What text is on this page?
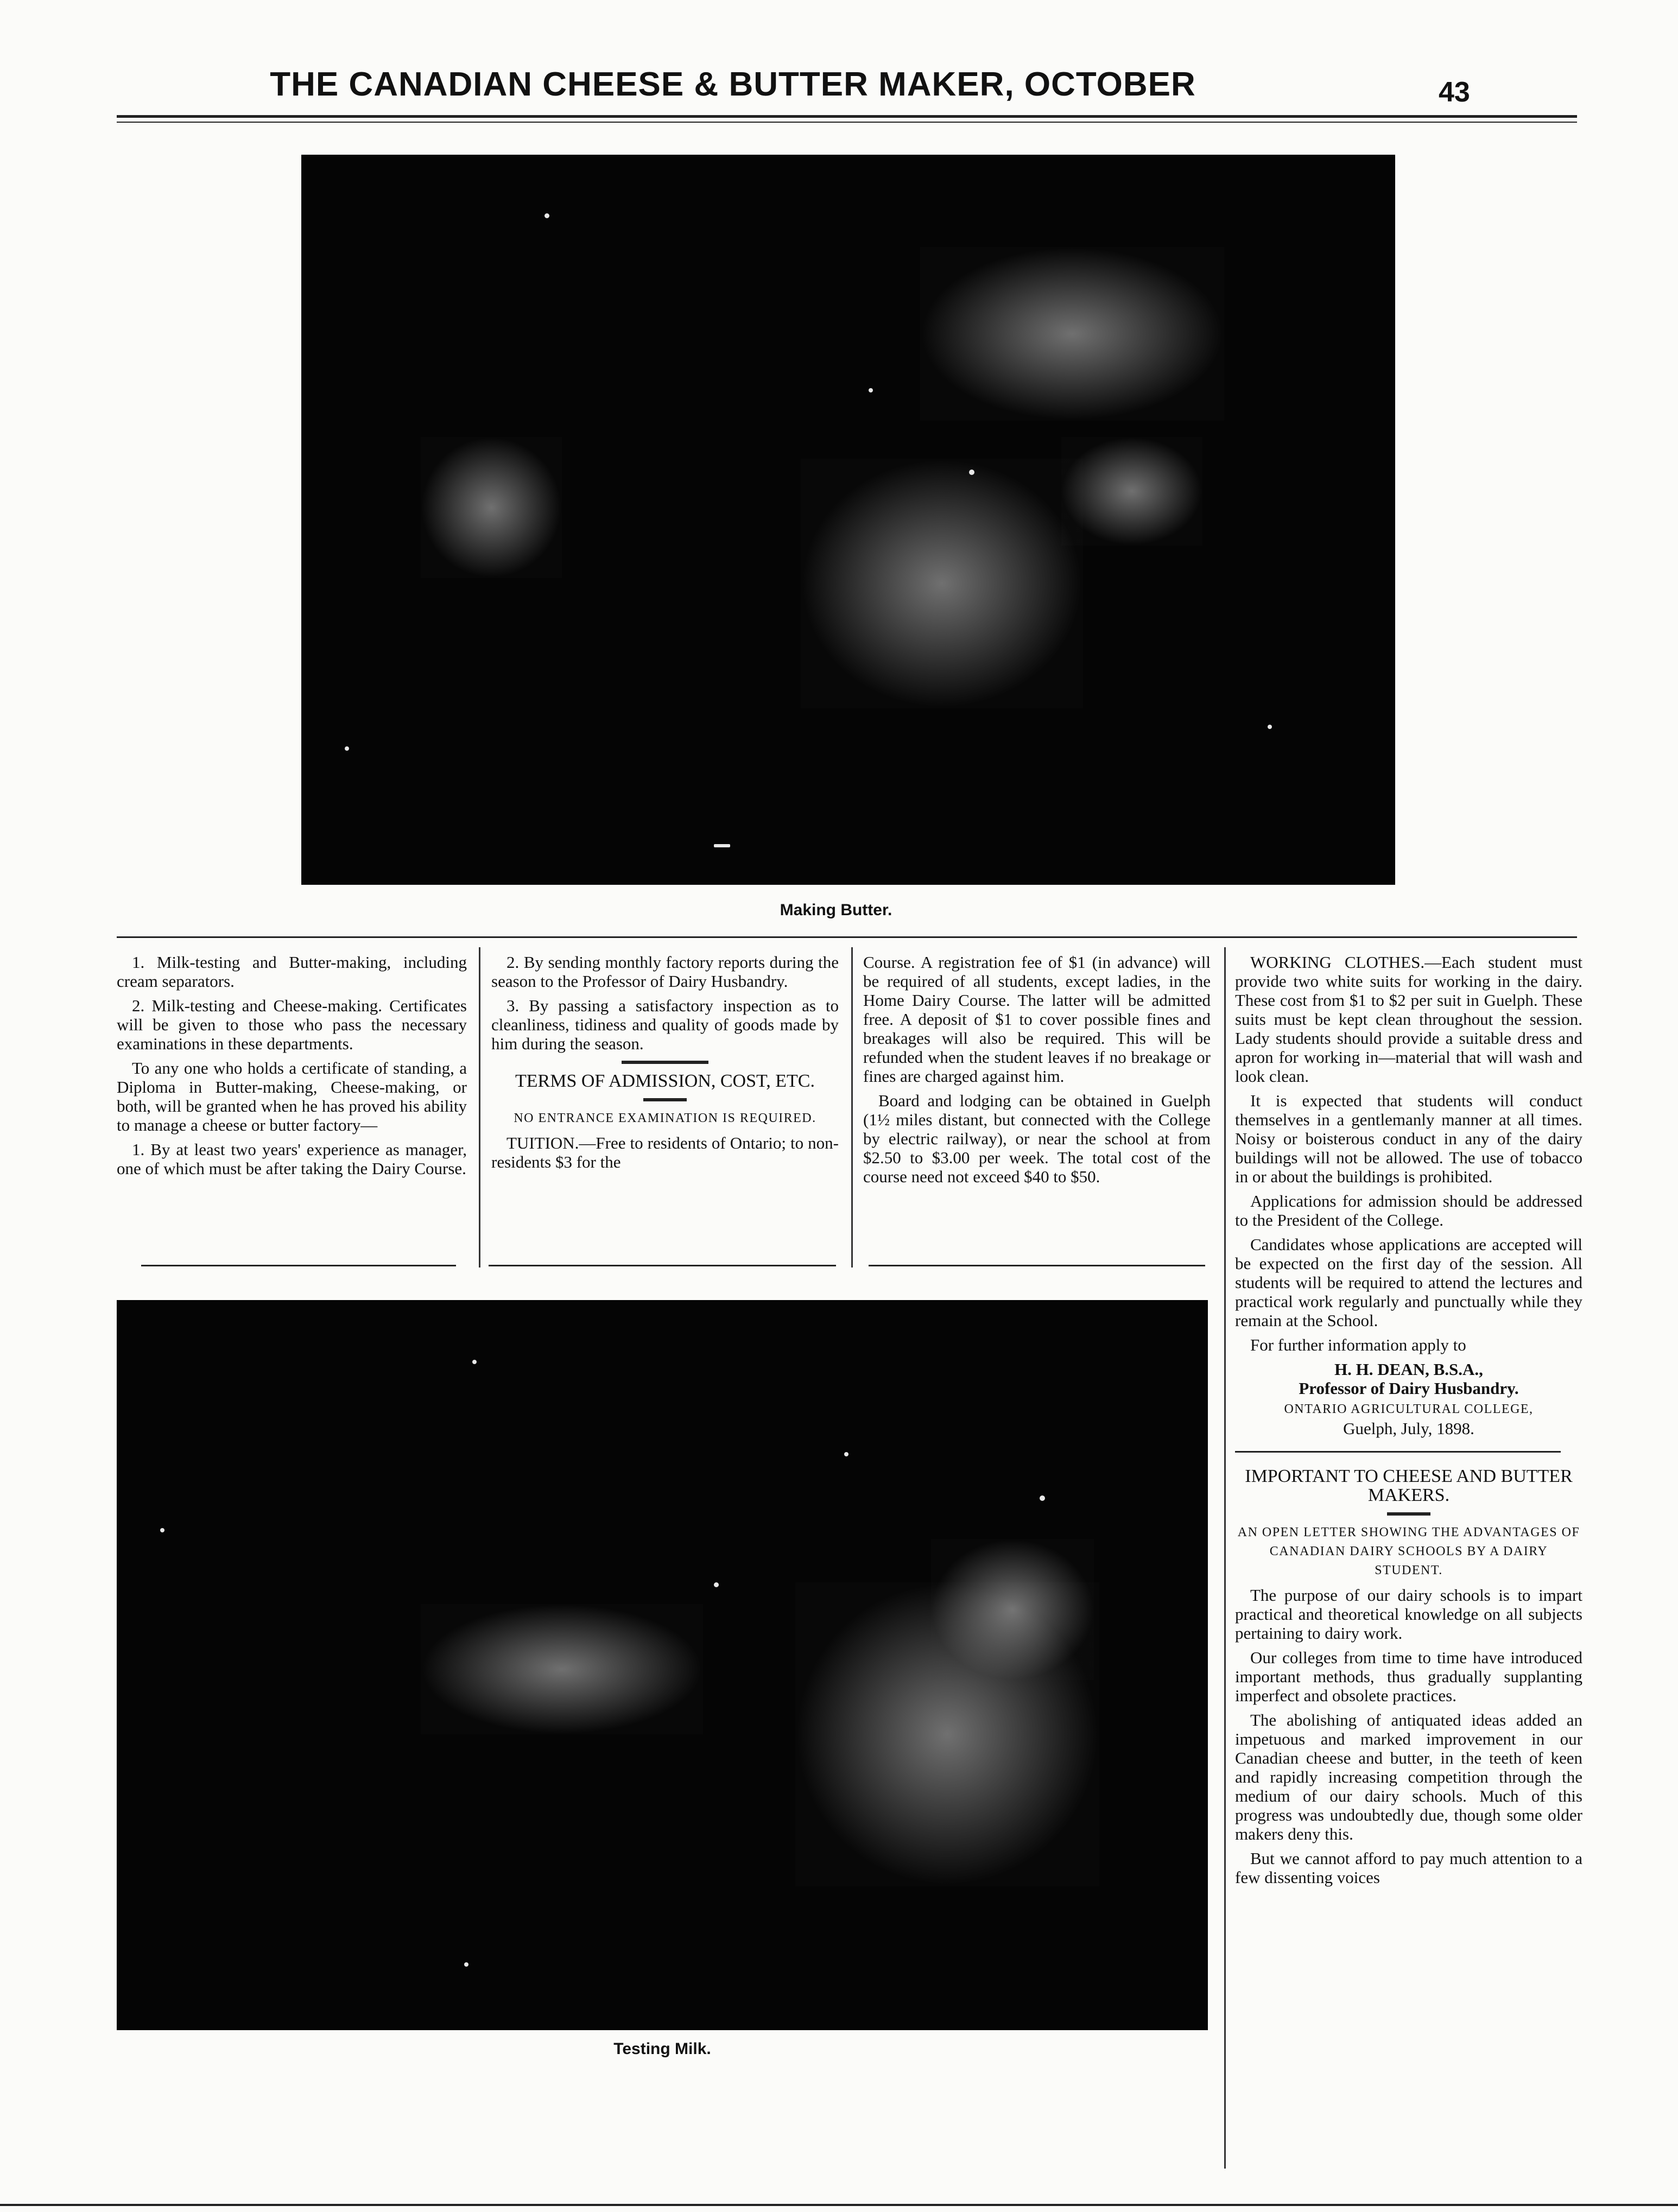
THE CANADIAN CHEESE & BUTTER MAKER, OCTOBER	43
Making Butter.

1. Milk-testing and Butter-making, including cream separators.

2. Milk-testing and Cheese-making. Certificates will be given to those who pass the necessary examinations in these departments.

To any one who holds a certificate of standing, a Diploma in Butter-making, Cheese-making, or both, will be granted when he has proved his ability to manage a cheese or butter factory—

1. By at least two years' experience as manager, one of which must be after taking the Dairy Course.

2. By sending monthly factory reports during the season to the Professor of Dairy Husbandry.

3. By passing a satisfactory inspection as to cleanliness, tidiness and quality of goods made by him during the season.

TERMS OF ADMISSION, COST, ETC.

NO ENTRANCE EXAMINATION IS REQUIRED.

TUITION.—Free to residents of Ontario; to non-residents $3 for the

Course. A registration fee of $1 (in advance) will be required of all students, except ladies, in the Home Dairy Course. The latter will be admitted free. A deposit of $1 to cover possible fines and breakages will also be required. This will be refunded when the student leaves if no breakage or fines are charged against him.

Board and lodging can be obtained in Guelph (1½ miles distant, but connected with the College by electric railway), or near the school at from $2.50 to $3.00 per week. The total cost of the course need not exceed $40 to $50.

Testing Milk.

WORKING CLOTHES.—Each student must provide two white suits for working in the dairy. These cost from $1 to $2 per suit in Guelph. These suits must be kept clean throughout the session. Lady students should provide a suitable dress and apron for working in—material that will wash and look clean.

It is expected that students will conduct themselves in a gentlemanly manner at all times. Noisy or boisterous conduct in any of the dairy buildings will not be allowed. The use of tobacco in or about the buildings is prohibited.

Applications for admission should be addressed to the President of the College.

Candidates whose applications are accepted will be expected on the first day of the session. All students will be required to attend the lectures and practical work regularly and punctually while they remain at the School.

For further information apply to

H. H. DEAN, B.S.A.,

Professor of Dairy Husbandry.

ONTARIO AGRICULTURAL COLLEGE,

Guelph, July, 1898.

IMPORTANT TO CHEESE AND BUTTER MAKERS.

AN OPEN LETTER SHOWING THE ADVANTAGES OF CANADIAN DAIRY SCHOOLS BY A DAIRY STUDENT.

The purpose of our dairy schools is to impart practical and theoretical knowledge on all subjects pertaining to dairy work.

Our colleges from time to time have introduced important methods, thus gradually supplanting imperfect and obsolete practices.

The abolishing of antiquated ideas added an impetuous and marked improvement in our Canadian cheese and butter, in the teeth of keen and rapidly increasing competition through the medium of our dairy schools. Much of this progress was undoubtedly due, though some older makers deny this.

But we cannot afford to pay much attention to a few dissenting voices
